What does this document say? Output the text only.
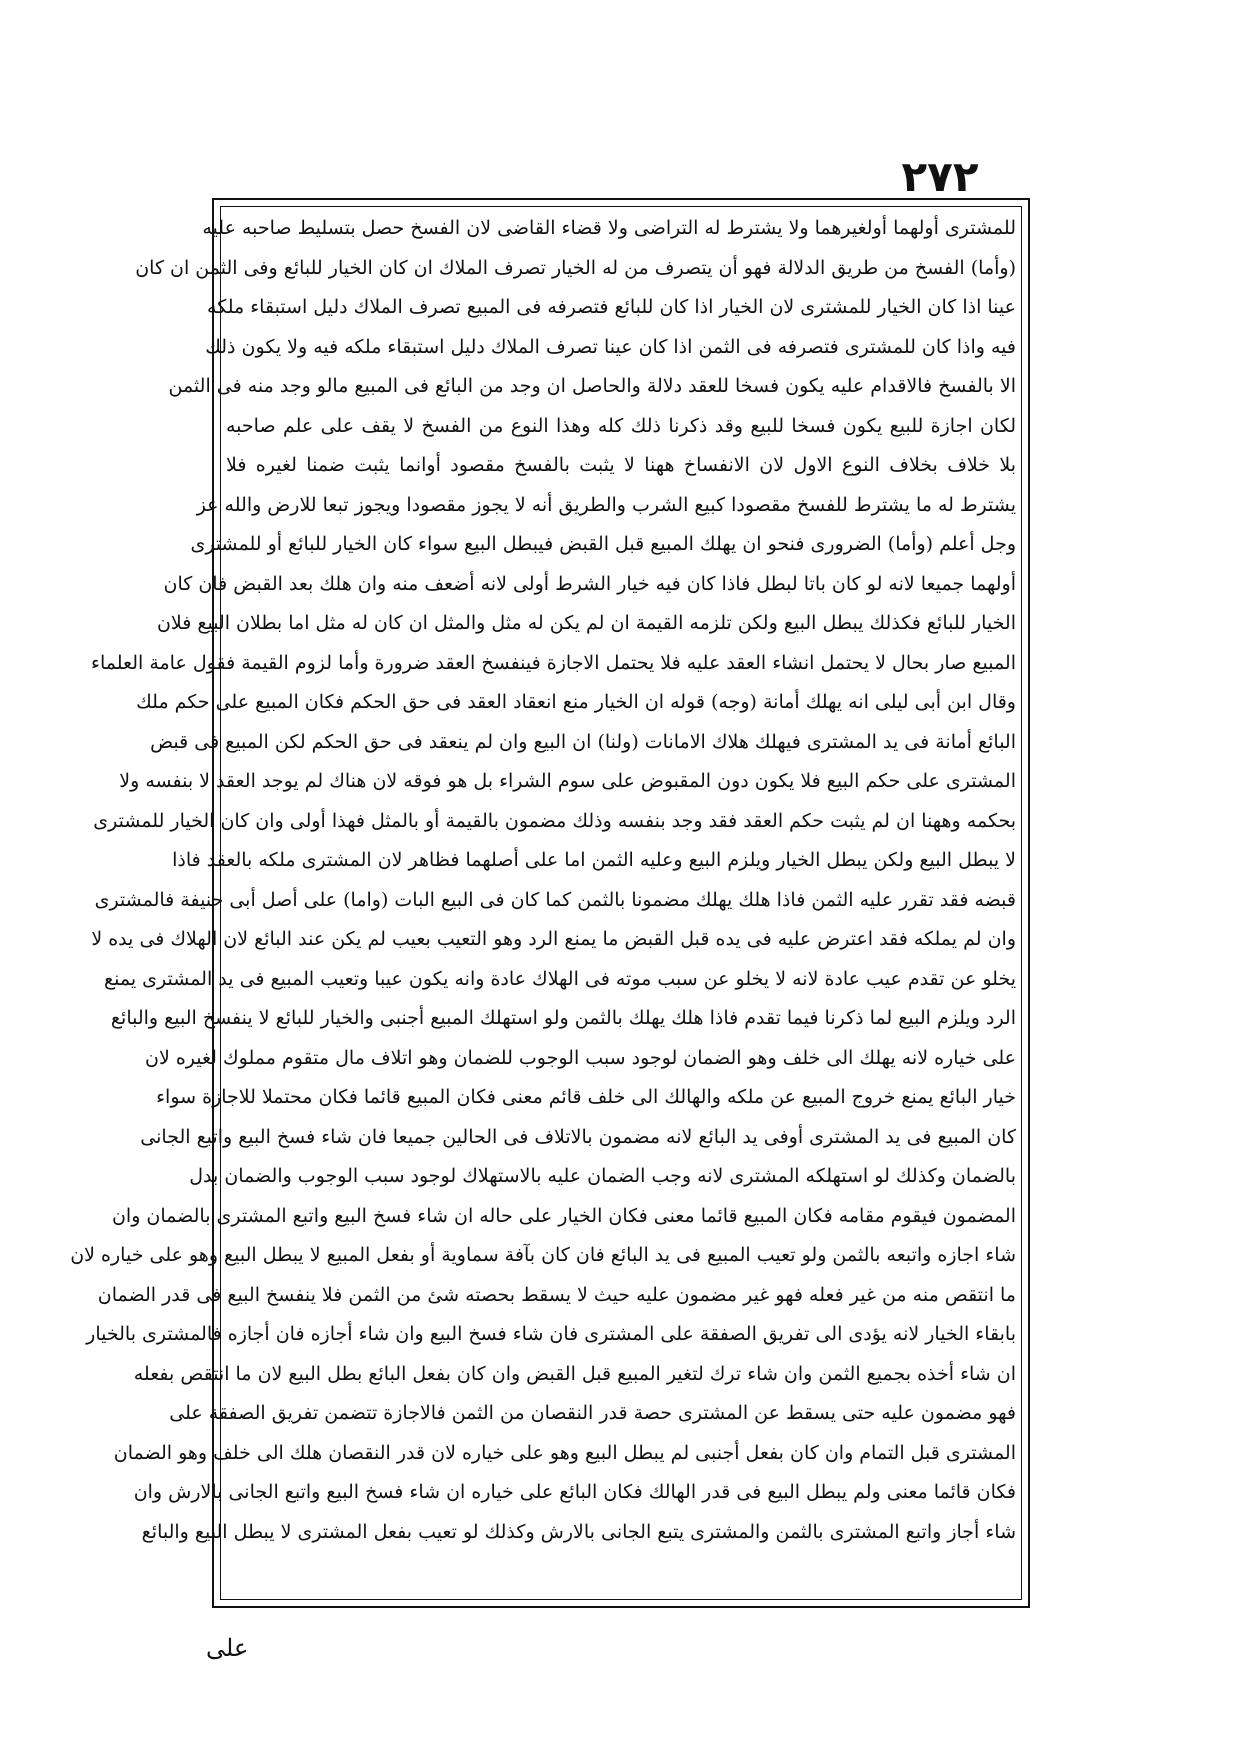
٢٧٢
للمشترى أولهما أولغيرهما ولا يشترط له التراضى ولا قضاء القاضى لان الفسخ حصل بتسليط صاحبه عليه
(وأما) الفسخ من طريق الدلالة فهو أن يتصرف من له الخيار تصرف الملاك ان كان الخيار للبائع وفى الثمن ان كان
عينا اذا كان الخيار للمشترى لان الخيار اذا كان للبائع فتصرفه فى المبيع تصرف الملاك دليل استبقاء ملكه
فيه واذا كان للمشترى فتصرفه فى الثمن اذا كان عينا تصرف الملاك دليل استبقاء ملكه فيه ولا يكون ذلك
الا بالفسخ فالاقدام عليه يكون فسخا للعقد دلالة والحاصل ان وجد من البائع فى المبيع مالو وجد منه فى الثمن
لكان اجازة للبيع يكون فسخا للبيع وقد ذكرنا ذلك كله وهذا النوع من الفسخ لا يقف على علم صاحبه
بلا خلاف بخلاف النوع الاول لان الانفساخ ههنا لا يثبت بالفسخ مقصود أوانما يثبت ضمنا لغيره فلا
يشترط له ما يشترط للفسخ مقصودا كبيع الشرب والطريق أنه لا يجوز مقصودا ويجوز تبعا للارض والله عز
وجل أعلم (وأما) الضرورى فنحو ان يهلك المبيع قبل القبض فيبطل البيع سواء كان الخيار للبائع أو للمشترى
أولهما جميعا لانه لو كان باتا لبطل فاذا كان فيه خيار الشرط أولى لانه أضعف منه وان هلك بعد القبض فان كان
الخيار للبائع فكذلك يبطل البيع ولكن تلزمه القيمة ان لم يكن له مثل والمثل ان كان له مثل اما بطلان البيع فلان
المبيع صار بحال لا يحتمل انشاء العقد عليه فلا يحتمل الاجازة فينفسخ العقد ضرورة وأما لزوم القيمة فقول عامة العلماء
وقال ابن أبى ليلى انه يهلك أمانة (وجه) قوله ان الخيار منع انعقاد العقد فى حق الحكم فكان المبيع على حكم ملك
البائع أمانة فى يد المشترى فيهلك هلاك الامانات (ولنا) ان البيع وان لم ينعقد فى حق الحكم لكن المبيع فى قبض
المشترى على حكم البيع فلا يكون دون المقبوض على سوم الشراء بل هو فوقه لان هناك لم يوجد العقد لا بنفسه ولا
بحكمه وههنا ان لم يثبت حكم العقد فقد وجد بنفسه وذلك مضمون بالقيمة أو بالمثل فهذا أولى وان كان الخيار للمشترى
لا يبطل البيع ولكن يبطل الخيار ويلزم البيع وعليه الثمن اما على أصلهما فظاهر لان المشترى ملكه بالعقد فاذا
قبضه فقد تقرر عليه الثمن فاذا هلك يهلك مضمونا بالثمن كما كان فى البيع البات (واما) على أصل أبى حنيفة فالمشترى
وان لم يملكه فقد اعترض عليه فى يده قبل القبض ما يمنع الرد وهو التعيب بعيب لم يكن عند البائع لان الهلاك فى يده لا
يخلو عن تقدم عيب عادة لانه لا يخلو عن سبب موته فى الهلاك عادة وانه يكون عيبا وتعيب المبيع فى يد المشترى يمنع
الرد ويلزم البيع لما ذكرنا فيما تقدم فاذا هلك يهلك بالثمن ولو استهلك المبيع أجنبى والخيار للبائع لا ينفسخ البيع والبائع
على خياره لانه يهلك الى خلف وهو الضمان لوجود سبب الوجوب للضمان وهو اتلاف مال متقوم مملوك لغيره لان
خيار البائع يمنع خروج المبيع عن ملكه والهالك الى خلف قائم معنى فكان المبيع قائما فكان محتملا للاجازة سواء
كان المبيع فى يد المشترى أوفى يد البائع لانه مضمون بالاتلاف فى الحالين جميعا فان شاء فسخ البيع واتبع الجانى
بالضمان وكذلك لو استهلكه المشترى لانه وجب الضمان عليه بالاستهلاك لوجود سبب الوجوب والضمان بدل
المضمون فيقوم مقامه فكان المبيع قائما معنى فكان الخيار على حاله ان شاء فسخ البيع واتبع المشترى بالضمان وان
شاء اجازه واتبعه بالثمن ولو تعيب المبيع فى يد البائع فان كان بآفة سماوية أو بفعل المبيع لا يبطل البيع وهو على خياره لان
ما انتقص منه من غير فعله فهو غير مضمون عليه حيث لا يسقط بحصته شئ من الثمن فلا ينفسخ البيع فى قدر الضمان
بابقاء الخيار لانه يؤدى الى تفريق الصفقة على المشترى فان شاء فسخ البيع وان شاء أجازه فان أجازه فالمشترى بالخيار
ان شاء أخذه بجميع الثمن وان شاء ترك لتغير المبيع قبل القبض وان كان بفعل البائع بطل البيع لان ما انتقص بفعله
فهو مضمون عليه حتى يسقط عن المشترى حصة قدر النقصان من الثمن فالاجازة تتضمن تفريق الصفقة على
المشترى قبل التمام وان كان بفعل أجنبى لم يبطل البيع وهو على خياره لان قدر النقصان هلك الى خلف وهو الضمان
فكان قائما معنى ولم يبطل البيع فى قدر الهالك فكان البائع على خياره ان شاء فسخ البيع واتبع الجانى بالارش وان
شاء أجاز واتبع المشترى بالثمن والمشترى يتبع الجانى بالارش وكذلك لو تعيب بفعل المشترى لا يبطل البيع والبائع
على
